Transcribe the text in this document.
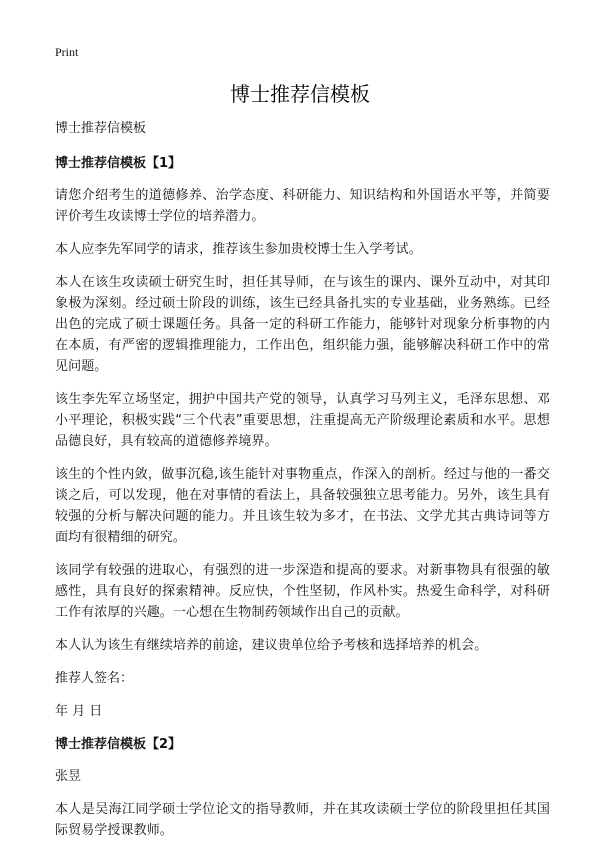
Print
博士推荐信模板

博士推荐信模板

博士推荐信模板【1】

请您介绍考生的道德修养、治学态度、科研能力、知识结构和外国语水平等，并简要评价考生攻读博士学位的培养潜力。

本人应李先军同学的请求，推荐该生参加贵校博士生入学考试。

本人在该生攻读硕士研究生时，担任其导师，在与该生的课内、课外互动中，对其印象极为深刻。经过硕士阶段的训练，该生已经具备扎实的专业基础，业务熟练。已经出色的完成了硕士课题任务。具备一定的科研工作能力，能够针对现象分析事物的内在本质，有严密的逻辑推理能力，工作出色，组织能力强，能够解决科研工作中的常见问题。

该生李先军立场坚定，拥护中国共产党的领导，认真学习马列主义，毛泽东思想、邓小平理论，积极实践“三个代表”重要思想，注重提高无产阶级理论素质和水平。思想品德良好，具有较高的道德修养境界。

该生的个性内敛，做事沉稳,该生能针对事物重点，作深入的剖析。经过与他的一番交谈之后，可以发现，他在对事情的看法上，具备较强独立思考能力。另外，该生具有较强的分析与解决问题的能力。并且该生较为多才，在书法、文学尤其古典诗词等方面均有很精细的研究。

该同学有较强的进取心，有强烈的进一步深造和提高的要求。对新事物具有很强的敏感性，具有良好的探索精神。反应快，个性坚韧，作风朴实。热爱生命科学，对科研工作有浓厚的兴趣。一心想在生物制药领域作出自己的贡献。

本人认为该生有继续培养的前途，建议贵单位给予考核和选择培养的机会。

推荐人签名：

年 月 日

博士推荐信模板【2】

张昱

本人是吴海江同学硕士学位论文的指导教师，并在其攻读硕士学位的阶段里担任其国际贸易学授课教师。
